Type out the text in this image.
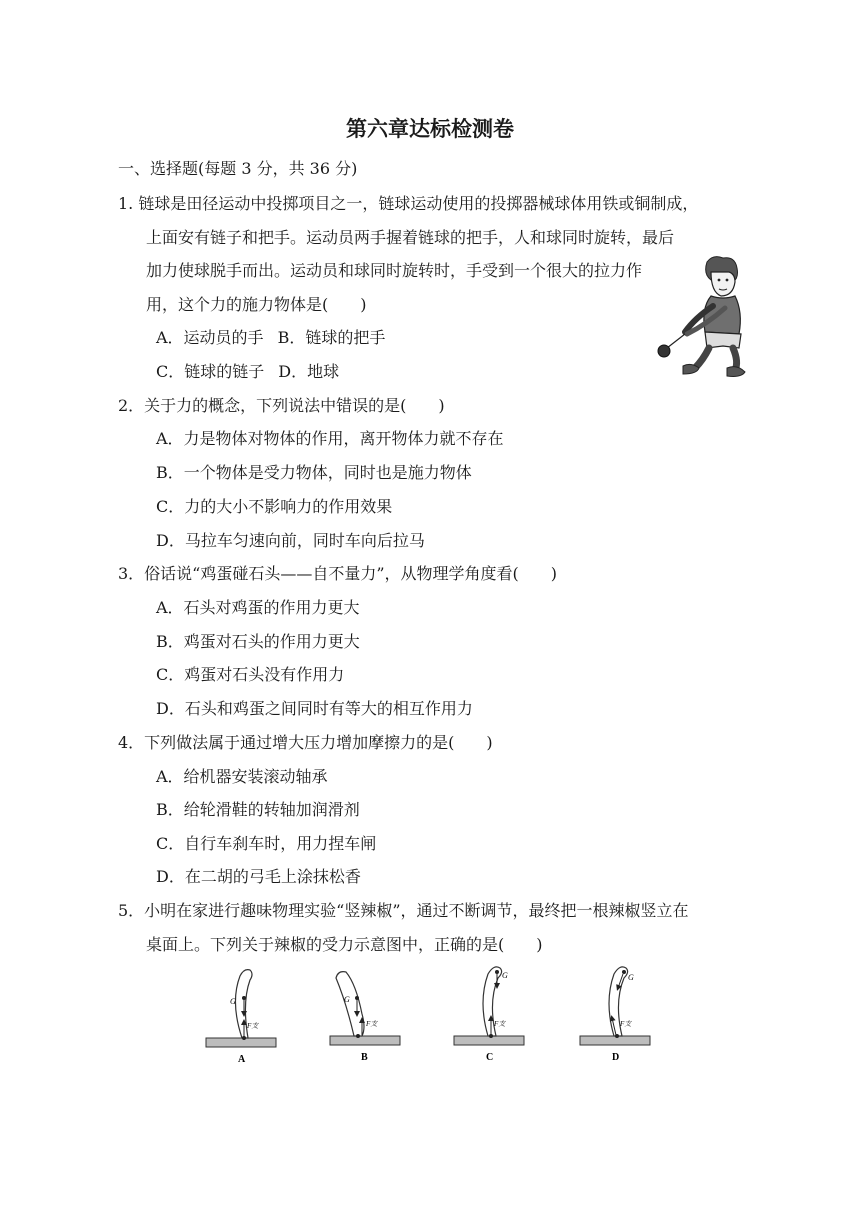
第六章达标检测卷
一、选择题(每题 3 分，共 36 分)
1. 链球是田径运动中投掷项目之一，链球运动使用的投掷器械球体用铁或铜制成，
上面安有链子和把手。运动员两手握着链球的把手，人和球同时旋转，最后
加力使球脱手而出。运动员和球同时旋转时，手受到一个很大的拉力作
用，这个力的施力物体是(　　)
A．运动员的手 B．链球的把手
C．链球的链子 D．地球
2．关于力的概念，下列说法中错误的是(　　)
A．力是物体对物体的作用，离开物体力就不存在
B．一个物体是受力物体，同时也是施力物体
C．力的大小不影响力的作用效果
D．马拉车匀速向前，同时车向后拉马
3．俗话说“鸡蛋碰石头——自不量力”，从物理学角度看(　　)
A．石头对鸡蛋的作用力更大
B．鸡蛋对石头的作用力更大
C．鸡蛋对石头没有作用力
D．石头和鸡蛋之间同时有等大的相互作用力
4．下列做法属于通过增大压力增加摩擦力的是(　　)
A．给机器安装滚动轴承
B．给轮滑鞋的转轴加润滑剂
C．自行车刹车时，用力捏车闸
D．在二胡的弓毛上涂抹松香
5．小明在家进行趣味物理实验“竖辣椒”，通过不断调节，最终把一根辣椒竖立在
桌面上。下列关于辣椒的受力示意图中，正确的是(　　)
G
F支
A
G
F支
B
G
F支
C
G
F支
D
